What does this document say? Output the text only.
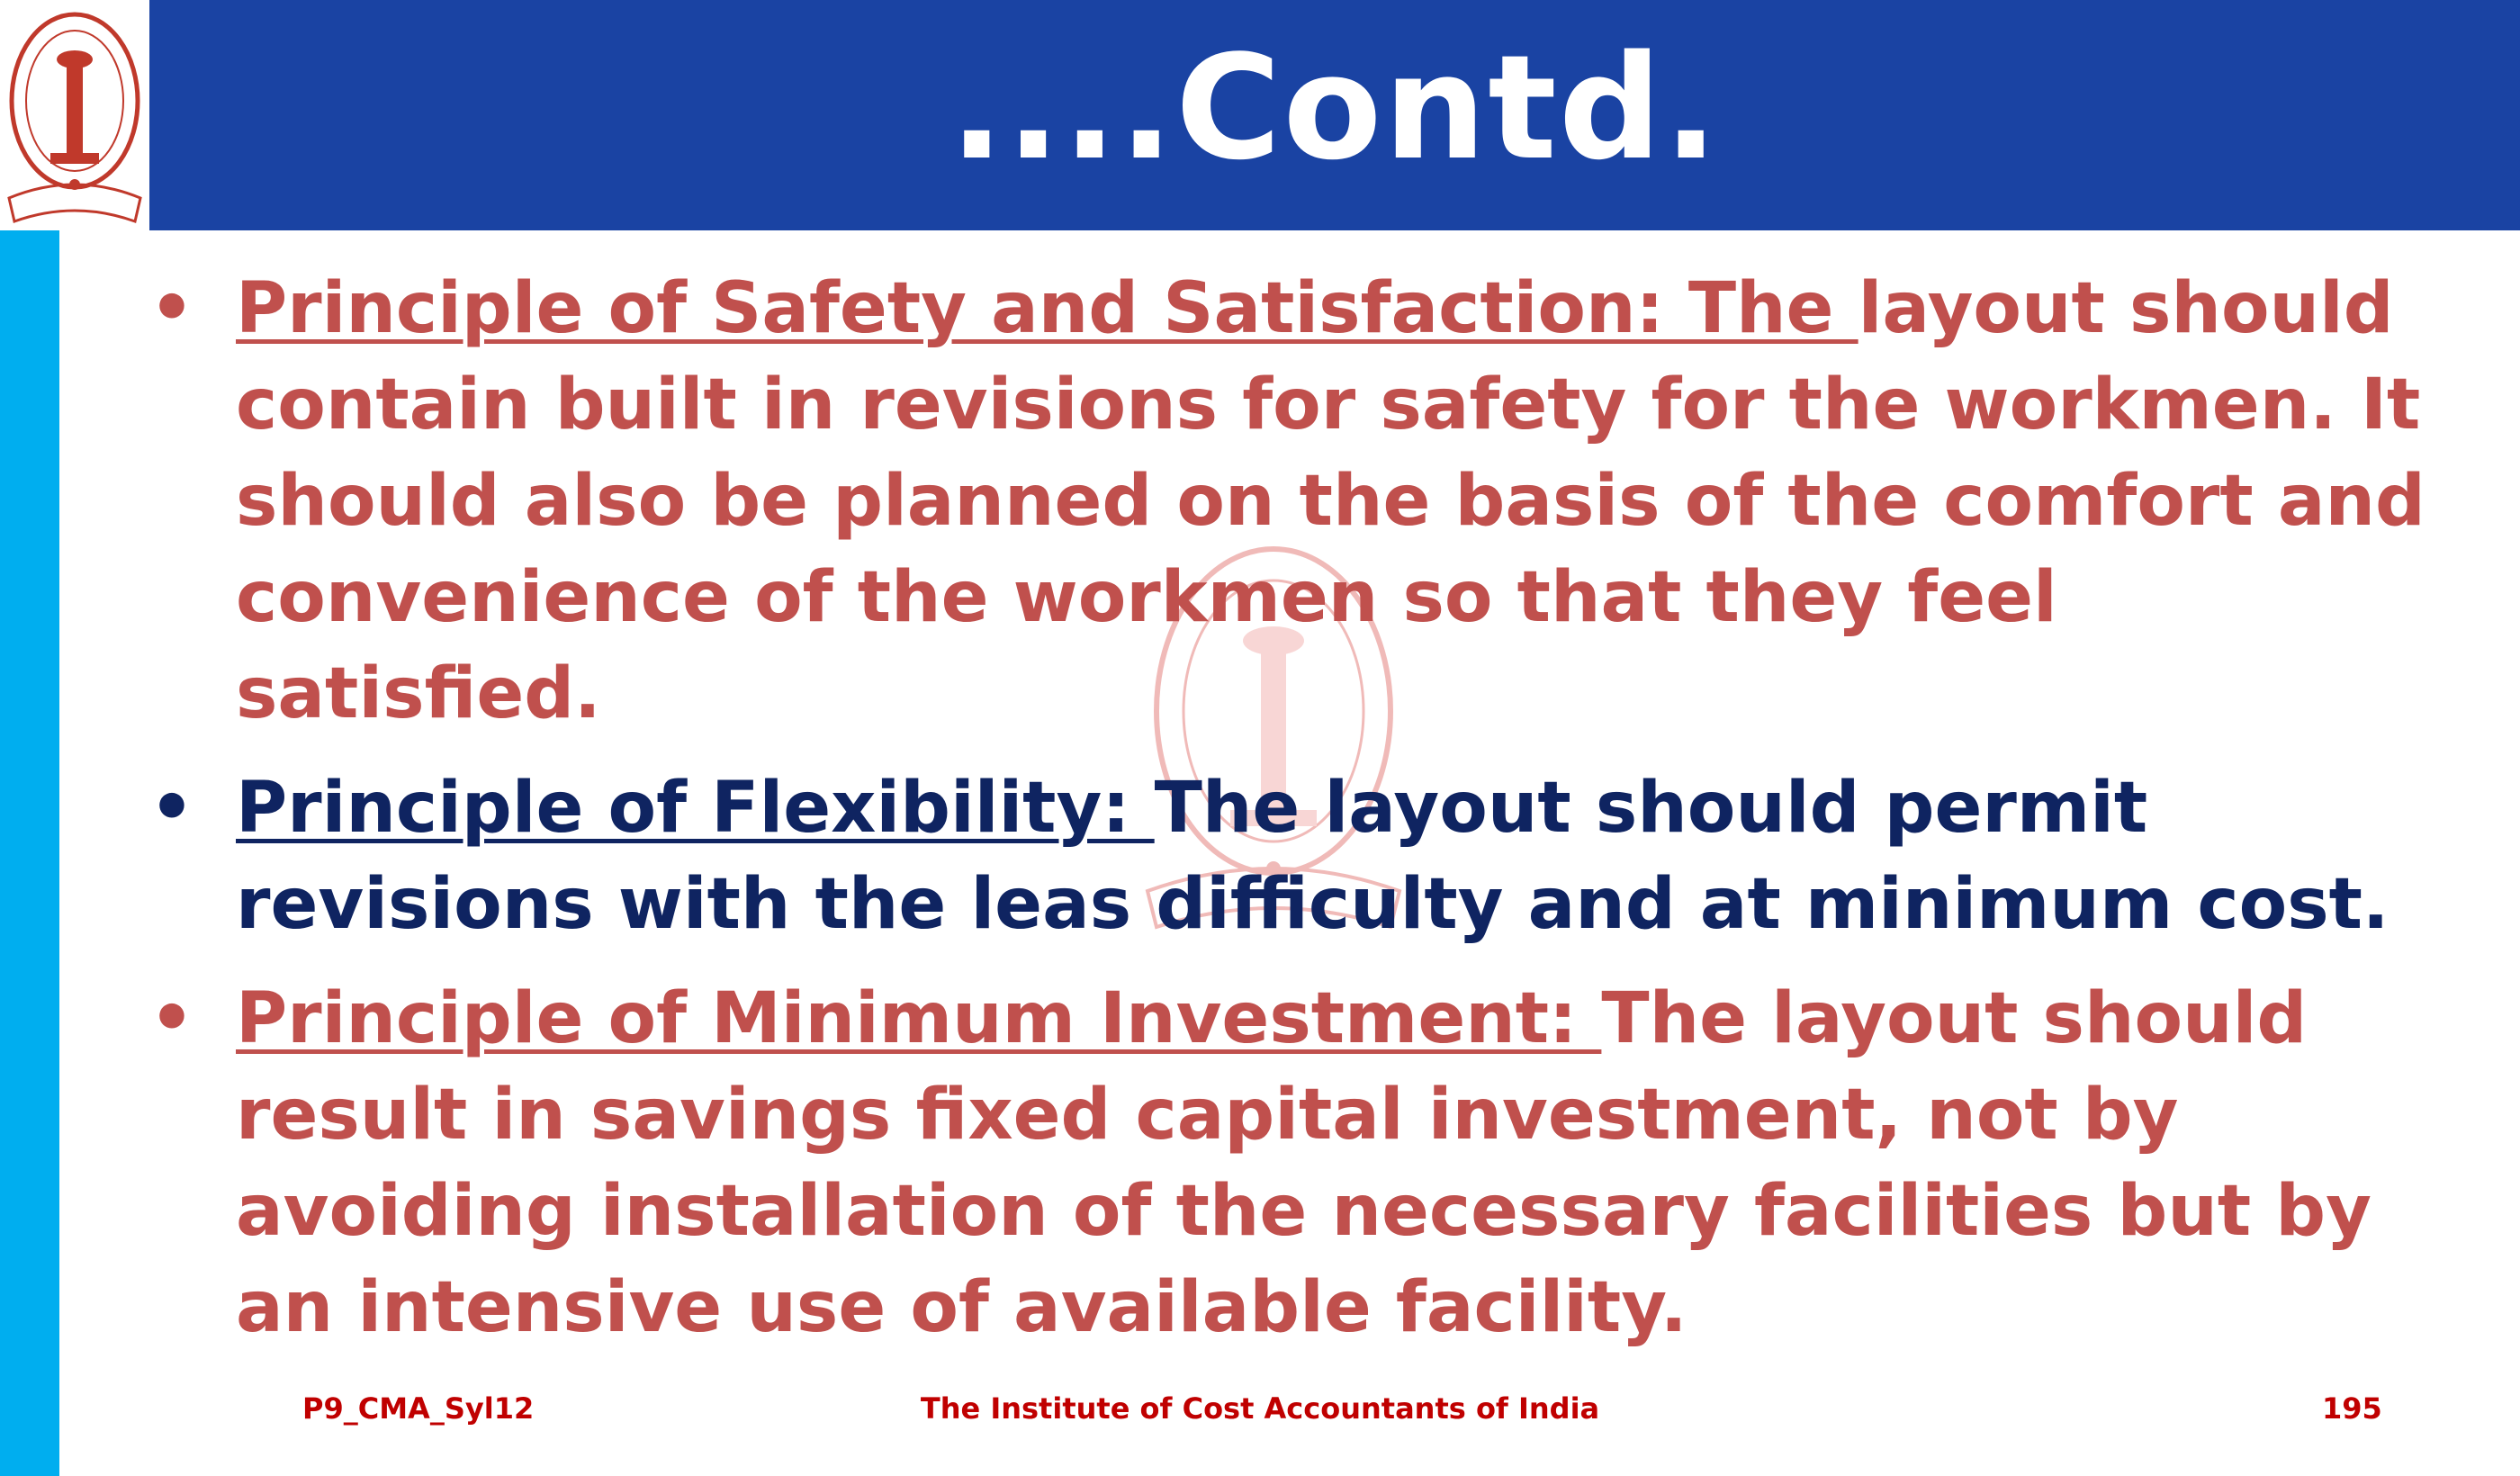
....Contd.
• Principle of Safety and Satisfaction: The layout should contain built in revisions for safety for the workmen. It should also be planned on the basis of the comfort and convenience of the workmen so that they feel satisfied.
• Principle of Flexibility: The layout should permit revisions with the leas difficulty and at minimum cost.
• Principle of Minimum Investment: The layout should result in savings fixed capital investment, not by avoiding installation of the necessary facilities but by an intensive use of available facility.
P9_CMA_Syl12	The Institute of Cost Accountants of India	195
